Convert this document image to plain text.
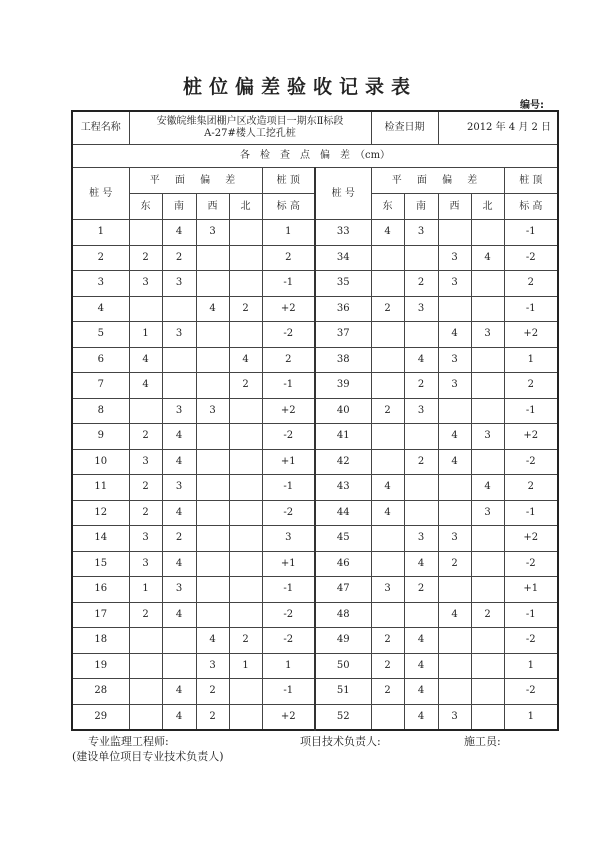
桩位偏差验收记录表
编号:
工程名称	安徽皖维集团棚户区改造项目一期东Ⅱ标段
A-27#楼人工挖孔桩						检查日期		2012 年 4 月 2 日		
各　检　查　点　偏　差　（cm）											
桩 号	平 面 偏 差				桩 顶	桩 号	平 面 偏 差				桩 顶
	东	南	西	北	标 高		东	南	西	北	标 高
1		4	3		1	33	4	3			-1
2	2	2			2	34			3	4	-2
3	3	3			-1	35		2	3		2
4			4	2	+2	36	2	3			-1
5	1	3			-2	37			4	3	+2
6	4			4	2	38		4	3		1
7	4			2	-1	39		2	3		2
8		3	3		+2	40	2	3			-1
9	2	4			-2	41			4	3	+2
10	3	4			+1	42		2	4		-2
11	2	3			-1	43	4			4	2
12	2	4			-2	44	4			3	-1
14	3	2			3	45		3	3		+2
15	3	4			+1	46		4	2		-2
16	1	3			-1	47	3	2			+1
17	2	4			-2	48			4	2	-1
18			4	2	-2	49	2	4			-2
19			3	1	1	50	2	4			1
28		4	2		-1	51	2	4			-2
29		4	2		+2	52		4	3		1
专业监理工程师:
(建设单位项目专业技术负责人)
项目技术负责人:	施工员:
